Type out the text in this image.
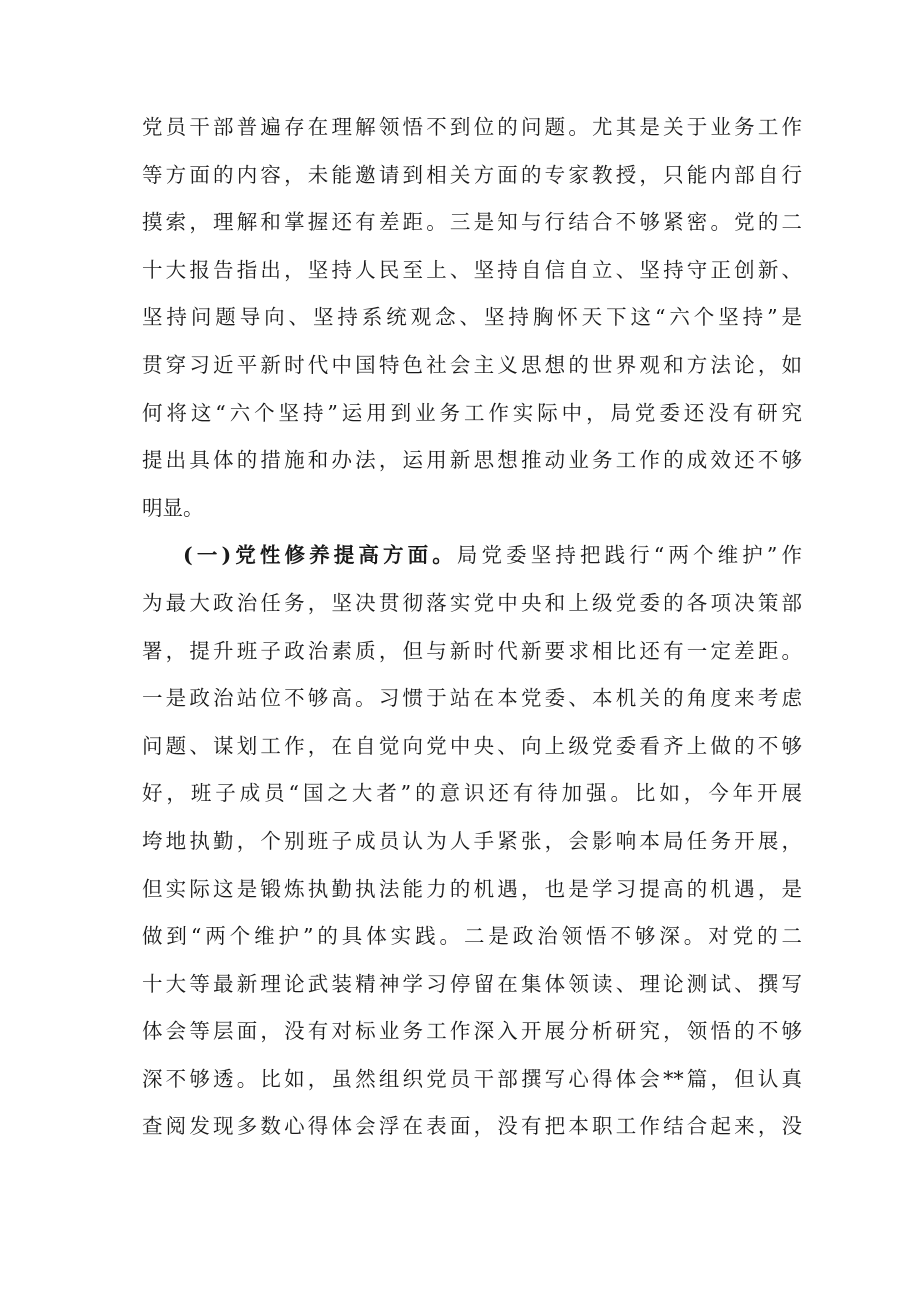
党员干部普遍存在理解领悟不到位的问题。尤其是关于业务工作
等方面的内容，未能邀请到相关方面的专家教授，只能内部自行
摸索，理解和掌握还有差距。三是知与行结合不够紧密。党的二
十大报告指出，坚持人民至上、坚持自信自立、坚持守正创新、
坚持问题导向、坚持系统观念、坚持胸怀天下这“六个坚持”是
贯穿习近平新时代中国特色社会主义思想的世界观和方法论，如
何将这“六个坚持”运用到业务工作实际中，局党委还没有研究
提出具体的措施和办法，运用新思想推动业务工作的成效还不够
明显。
(一)党性修养提高方面。局党委坚持把践行“两个维护”作
为最大政治任务，坚决贯彻落实党中央和上级党委的各项决策部
署，提升班子政治素质，但与新时代新要求相比还有一定差距。
一是政治站位不够高。习惯于站在本党委、本机关的角度来考虑
问题、谋划工作，在自觉向党中央、向上级党委看齐上做的不够
好，班子成员“国之大者”的意识还有待加强。比如，今年开展
垮地执勤，个别班子成员认为人手紧张，会影响本局任务开展，
但实际这是锻炼执勤执法能力的机遇，也是学习提高的机遇，是
做到“两个维护”的具体实践。二是政治领悟不够深。对党的二
十大等最新理论武装精神学习停留在集体领读、理论测试、撰写
体会等层面，没有对标业务工作深入开展分析研究，领悟的不够
深不够透。比如，虽然组织党员干部撰写心得体会**篇，但认真
查阅发现多数心得体会浮在表面，没有把本职工作结合起来，没
